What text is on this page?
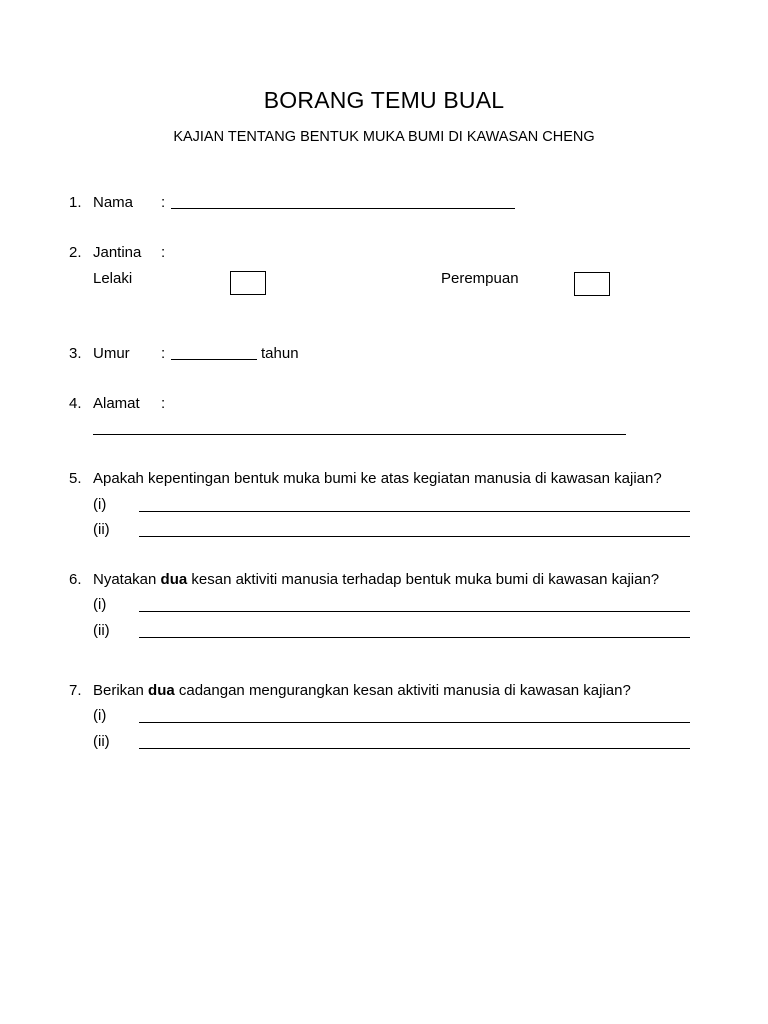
BORANG TEMU BUAL
KAJIAN TENTANG BENTUK MUKA BUMI DI KAWASAN CHENG
1. Nama :
2. Jantina :
Lelaki	Perempuan
3. Umur :	tahun
4. Alamat :
5. Apakah kepentingan bentuk muka bumi ke atas kegiatan manusia di kawasan kajian?
(i)
(ii)
6. Nyatakan dua kesan aktiviti manusia terhadap bentuk muka bumi di kawasan kajian?
(i)
(ii)
7. Berikan dua cadangan mengurangkan kesan aktiviti manusia di kawasan kajian?
(i)
(ii)
